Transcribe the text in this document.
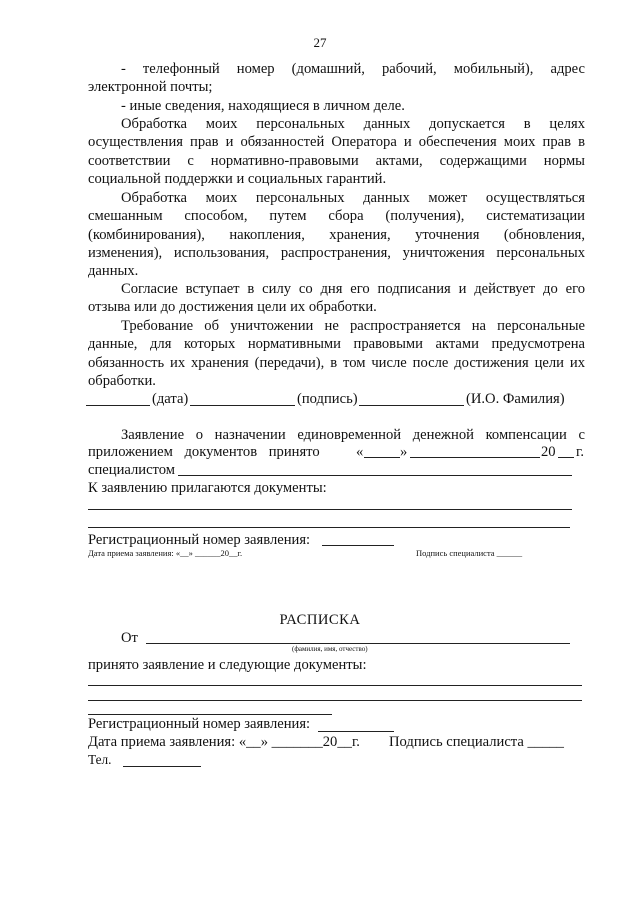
27
- телефонный номер (домашний, рабочий, мобильный), адрес
электронной почты;
- иные сведения, находящиеся в личном деле.
Обработка моих персональных данных допускается в целях
осуществления прав и обязанностей Оператора и обеспечения моих прав в
соответствии с нормативно-правовыми актами, содержащими нормы
социальной поддержки и социальных гарантий.
Обработка моих персональных данных может осуществляться
смешанным способом, путем сбора (получения), систематизации
(комбинирования), накопления, хранения, уточнения (обновления,
изменения), использования, распространения, уничтожения персональных
данных.
Согласие вступает в силу со дня его подписания и действует до его
отзыва или до достижения цели их обработки.
Требование об уничтожении не распространяется на персональные
данные, для которых нормативными правовыми актами предусмотрена
обязанность их хранения (передачи), в том числе после достижения цели их
обработки.
(дата)	(подпись)	(И.О. Фамилия)
Заявление о назначении единовременной денежной компенсации с
приложением документов принято «	»	20 г.
специалистом
К заявлению прилагаются документы:
Регистрационный номер заявления:
Дата приема заявления: «__» ______20__г.	Подпись специалиста ______
РАСПИСКА
От
(фамилия, имя, отчество)
принято заявление и следующие документы:
Регистрационный номер заявления:
Дата приема заявления: «__» _______20__г. Подпись специалиста _____
Тел.
